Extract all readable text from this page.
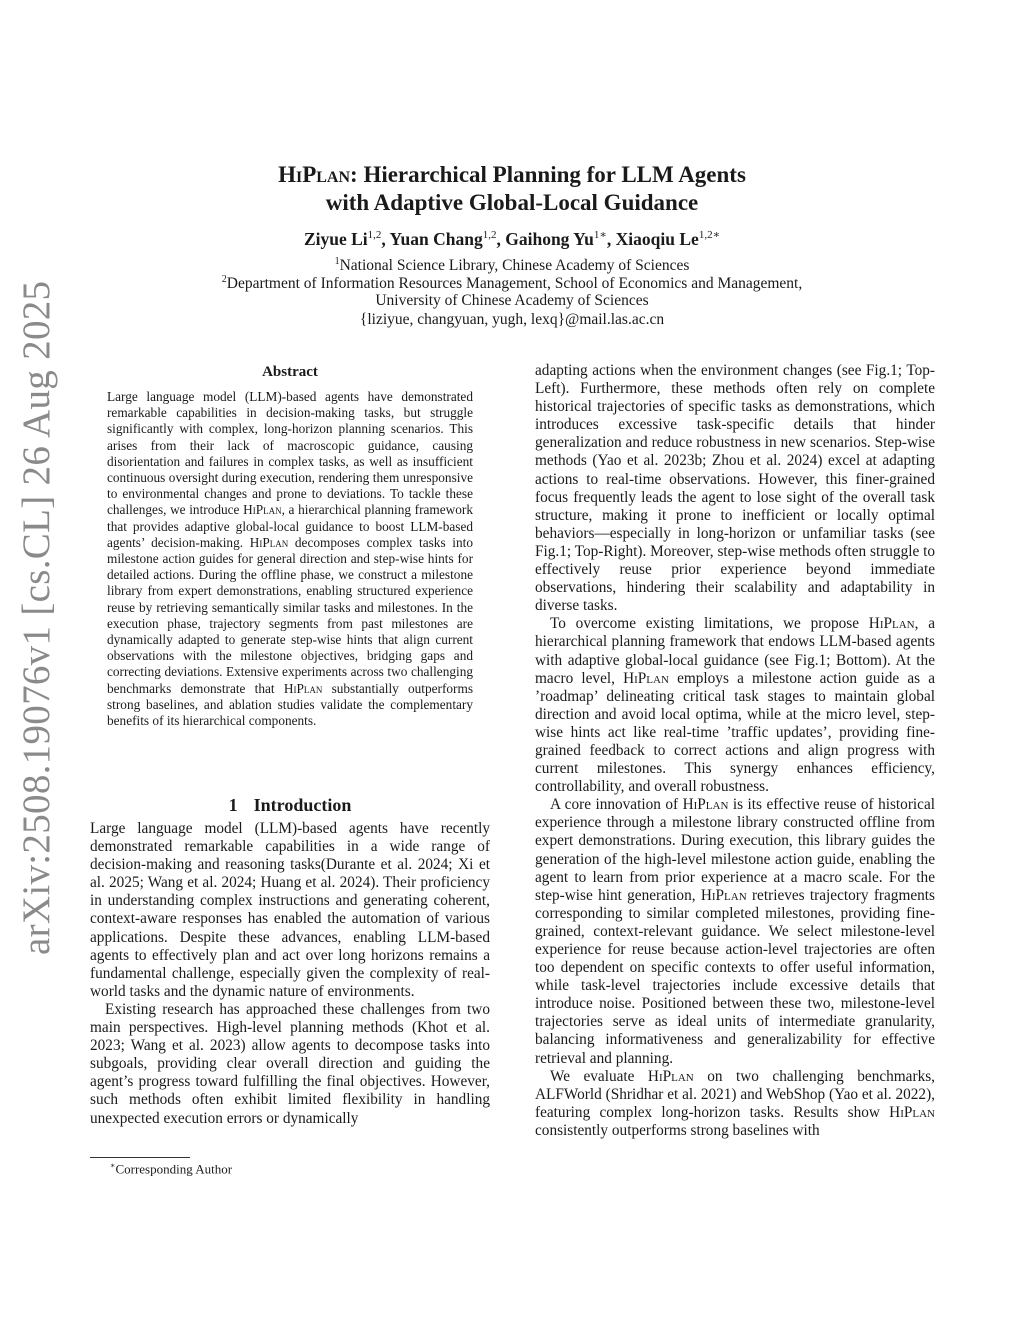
arXiv:2508.19076v1 [cs.CL] 26 Aug 2025
HiPlan: Hierarchical Planning for LLM Agents
with Adaptive Global-Local Guidance
Ziyue Li$^{1,2}$, Yuan Chang$^{1,2}$, Gaihong $Yu^{1∗}$, Xiaoqiu $Le^{1,2∗}$
$^1$National Science Library, Chinese Academy of Sciences
$^2$Department of Information Resources Management, School of Economics and Management,
University of Chinese Academy of Sciences
{liziyue, changyuan, yugh, lexq}@mail.las.ac.cn
Abstract
Large language model (LLM)-based agents have demonstrated remarkable capabilities in decision-making tasks, but struggle significantly with complex, long-horizon planning scenarios. This arises from their lack of macroscopic guidance, causing disorientation and failures in complex tasks, as well as insufficient continuous oversight during execution, rendering them unresponsive to environmental changes and prone to deviations. To tackle these challenges, we introduce HiPlan, a hierarchical planning framework that provides adaptive global-local guidance to boost LLM-based agents’ decision-making. HiPlan decomposes complex tasks into milestone action guides for general direction and step-wise hints for detailed actions. During the offline phase, we construct a milestone library from expert demonstrations, enabling structured experience reuse by retrieving semantically similar tasks and milestones. In the execution phase, trajectory segments from past milestones are dynamically adapted to generate step-wise hints that align current observations with the milestone objectives, bridging gaps and correcting deviations. Extensive experiments across two challenging benchmarks demonstrate that HiPlan substantially outperforms strong baselines, and ablation studies validate the complementary benefits of its hierarchical components.
1 Introduction

Large language model (LLM)-based agents have recently demonstrated remarkable capabilities in a wide range of decision-making and reasoning tasks(Durante et al. 2024; Xi et al. 2025; Wang et al. 2024; Huang et al. 2024). Their proficiency in understanding complex instructions and generating coherent, context-aware responses has enabled the automation of various applications. Despite these advances, enabling LLM-based agents to effectively plan and act over long horizons remains a fundamental challenge, especially given the complexity of real-world tasks and the dynamic nature of environments.

Existing research has approached these challenges from two main perspectives. High-level planning methods (Khot et al. 2023; Wang et al. 2023) allow agents to decompose tasks into subgoals, providing clear overall direction and guiding the agent’s progress toward fulfilling the final objectives. However, such methods often exhibit limited flexibility in handling unexpected execution errors or dynamically

∗Corresponding Author

adapting actions when the environment changes (see Fig.1; Top-Left). Furthermore, these methods often rely on complete historical trajectories of specific tasks as demonstrations, which introduces excessive task-specific details that hinder generalization and reduce robustness in new scenarios. Step-wise methods (Yao et al. 2023b; Zhou et al. 2024) excel at adapting actions to real-time observations. However, this finer-grained focus frequently leads the agent to lose sight of the overall task structure, making it prone to inefficient or locally optimal behaviors—especially in long-horizon or unfamiliar tasks (see Fig.1; Top-Right). Moreover, step-wise methods often struggle to effectively reuse prior experience beyond immediate observations, hindering their scalability and adaptability in diverse tasks.

To overcome existing limitations, we propose HiPlan, a hierarchical planning framework that endows LLM-based agents with adaptive global-local guidance (see Fig.1; Bottom). At the macro level, HiPlan employs a milestone action guide as a ’roadmap’ delineating critical task stages to maintain global direction and avoid local optima, while at the micro level, step-wise hints act like real-time ’traffic updates’, providing fine-grained feedback to correct actions and align progress with current milestones. This synergy enhances efficiency, controllability, and overall robustness.

A core innovation of HiPlan is its effective reuse of historical experience through a milestone library constructed offline from expert demonstrations. During execution, this library guides the generation of the high-level milestone action guide, enabling the agent to learn from prior experience at a macro scale. For the step-wise hint generation, HiPlan retrieves trajectory fragments corresponding to similar completed milestones, providing fine-grained, context-relevant guidance. We select milestone-level experience for reuse because action-level trajectories are often too dependent on specific contexts to offer useful information, while task-level trajectories include excessive details that introduce noise. Positioned between these two, milestone-level trajectories serve as ideal units of intermediate granularity, balancing informativeness and generalizability for effective retrieval and planning.

We evaluate HiPlan on two challenging benchmarks, ALFWorld (Shridhar et al. 2021) and WebShop (Yao et al. 2022), featuring complex long-horizon tasks. Results show HiPlan consistently outperforms strong baselines with
